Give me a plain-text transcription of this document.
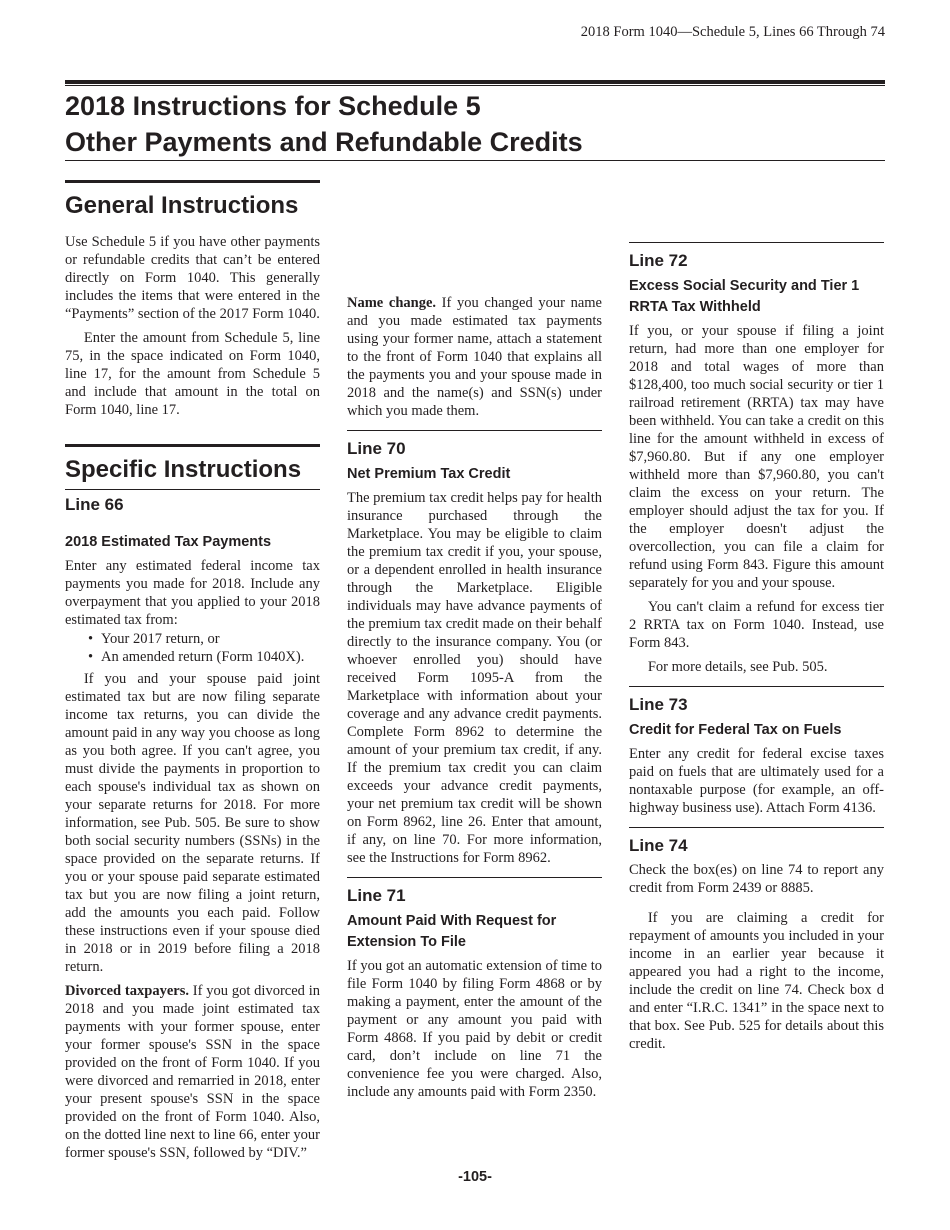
2018 Form 1040—Schedule 5, Lines 66 Through 74
2018 Instructions for Schedule 5
Other Payments and Refundable Credits
General Instructions

Use Schedule 5 if you have other payments or refundable credits that can’t be entered directly on Form 1040. This generally includes the items that were entered in the “Payments” section of the 2017 Form 1040.

Enter the amount from Schedule 5, line 75, in the space indicated on Form 1040, line 17, for the amount from Schedule 5 and include that amount in the total on Form 1040, line 17.

Specific Instructions
Line 66
2018 Estimated Tax Payments

Enter any estimated federal income tax payments you made for 2018. Include any overpayment that you applied to your 2018 estimated tax from:

• Your 2017 return, or
• An amended return (Form 1040X).

If you and your spouse paid joint estimated tax but are now filing separate income tax returns, you can divide the amount paid in any way you choose as long as you both agree. If you can't agree, you must divide the payments in proportion to each spouse's individual tax as shown on your separate returns for 2018. For more information, see Pub. 505. Be sure to show both social security numbers (SSNs) in the space provided on the separate returns. If you or your spouse paid separate estimated tax but you are now filing a joint return, add the amounts you each paid. Follow these instructions even if your spouse died in 2018 or in 2019 before filing a 2018 return.

Divorced taxpayers. If you got divorced in 2018 and you made joint estimated tax payments with your former spouse, enter your former spouse's SSN in the space provided on the front of Form 1040. If you were divorced and remarried in 2018, enter your present spouse's SSN in the space provided on the front of Form 1040. Also, on the dotted line next to line 66, enter your former spouse's SSN, followed by “DIV.”

Name change. If you changed your name and you made estimated tax payments using your former name, attach a statement to the front of Form 1040 that explains all the payments you and your spouse made in 2018 and the name(s) and SSN(s) under which you made them.

Line 70
Net Premium Tax Credit

The premium tax credit helps pay for health insurance purchased through the Marketplace. You may be eligible to claim the premium tax credit if you, your spouse, or a dependent enrolled in health insurance through the Marketplace. Eligible individuals may have advance payments of the premium tax credit made on their behalf directly to the insurance company. You (or whoever enrolled you) should have received Form 1095-A from the Marketplace with information about your coverage and any advance credit payments. Complete Form 8962 to determine the amount of your premium tax credit, if any. If the premium tax credit you can claim exceeds your advance credit payments, your net premium tax credit will be shown on Form 8962, line 26. Enter that amount, if any, on line 70. For more information, see the Instructions for Form 8962.

Line 71
Amount Paid With Request for Extension To File

If you got an automatic extension of time to file Form 1040 by filing Form 4868 or by making a payment, enter the amount of the payment or any amount you paid with Form 4868. If you paid by debit or credit card, don’t include on line 71 the convenience fee you were charged. Also, include any amounts paid with Form 2350.

Line 72
Excess Social Security and Tier 1 RRTA Tax Withheld

If you, or your spouse if filing a joint return, had more than one employer for 2018 and total wages of more than $128,400, too much social security or tier 1 railroad retirement (RRTA) tax may have been withheld. You can take a credit on this line for the amount withheld in excess of $7,960.80. But if any one employer withheld more than $7,960.80, you can't claim the excess on your return. The employer should adjust the tax for you. If the employer doesn't adjust the overcollection, you can file a claim for refund using Form 843. Figure this amount separately for you and your spouse.

You can't claim a refund for excess tier 2 RRTA tax on Form 1040. Instead, use Form 843.

For more details, see Pub. 505.

Line 73
Credit for Federal Tax on Fuels

Enter any credit for federal excise taxes paid on fuels that are ultimately used for a nontaxable purpose (for example, an off-highway business use). Attach Form 4136.

Line 74

Check the box(es) on line 74 to report any credit from Form 2439 or 8885.

If you are claiming a credit for repayment of amounts you included in your income in an earlier year because it appeared you had a right to the income, include the credit on line 74. Check box d and enter “I.R.C. 1341” in the space next to that box. See Pub. 525 for details about this credit.

-105-
